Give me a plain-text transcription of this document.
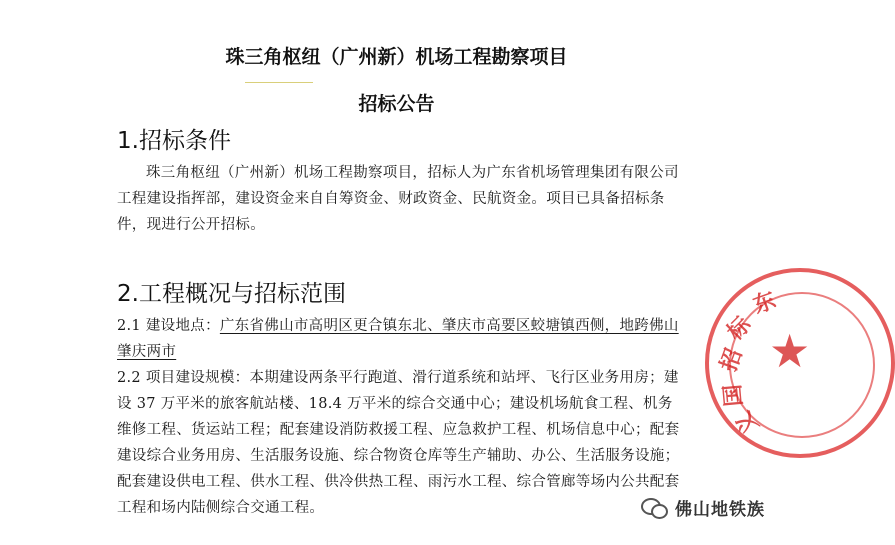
珠三角枢纽（广州新）机场工程勘察项目
招标公告
1.招标条件
珠三角枢纽（广州新）机场工程勘察项目，招标人为广东省机场管理集团有限公司工程建设指挥部，建设资金来自自筹资金、财政资金、民航资金。项目已具备招标条件，现进行公开招标。
2.工程概况与招标范围
2.1 建设地点：广东省佛山市高明区更合镇东北、肇庆市高要区蛟塘镇西侧，地跨佛山肇庆两市
2.2 项目建设规模：本期建设两条平行跑道、滑行道系统和站坪、飞行区业务用房；建设 37 万平米的旅客航站楼、18.4 万平米的综合交通中心；建设机场航食工程、机务维修工程、货运站工程；配套建设消防救援工程、应急救护工程、机场信息中心；配套建设综合业务用房、生活服务设施、综合物资仓库等生产辅助、办公、生活服务设施；配套建设供电工程、供水工程、供冷供热工程、雨污水工程、综合管廊等场内公共配套工程和场内陆侧综合交通工程。
★
招
标
东
国
义
佛山地铁族
